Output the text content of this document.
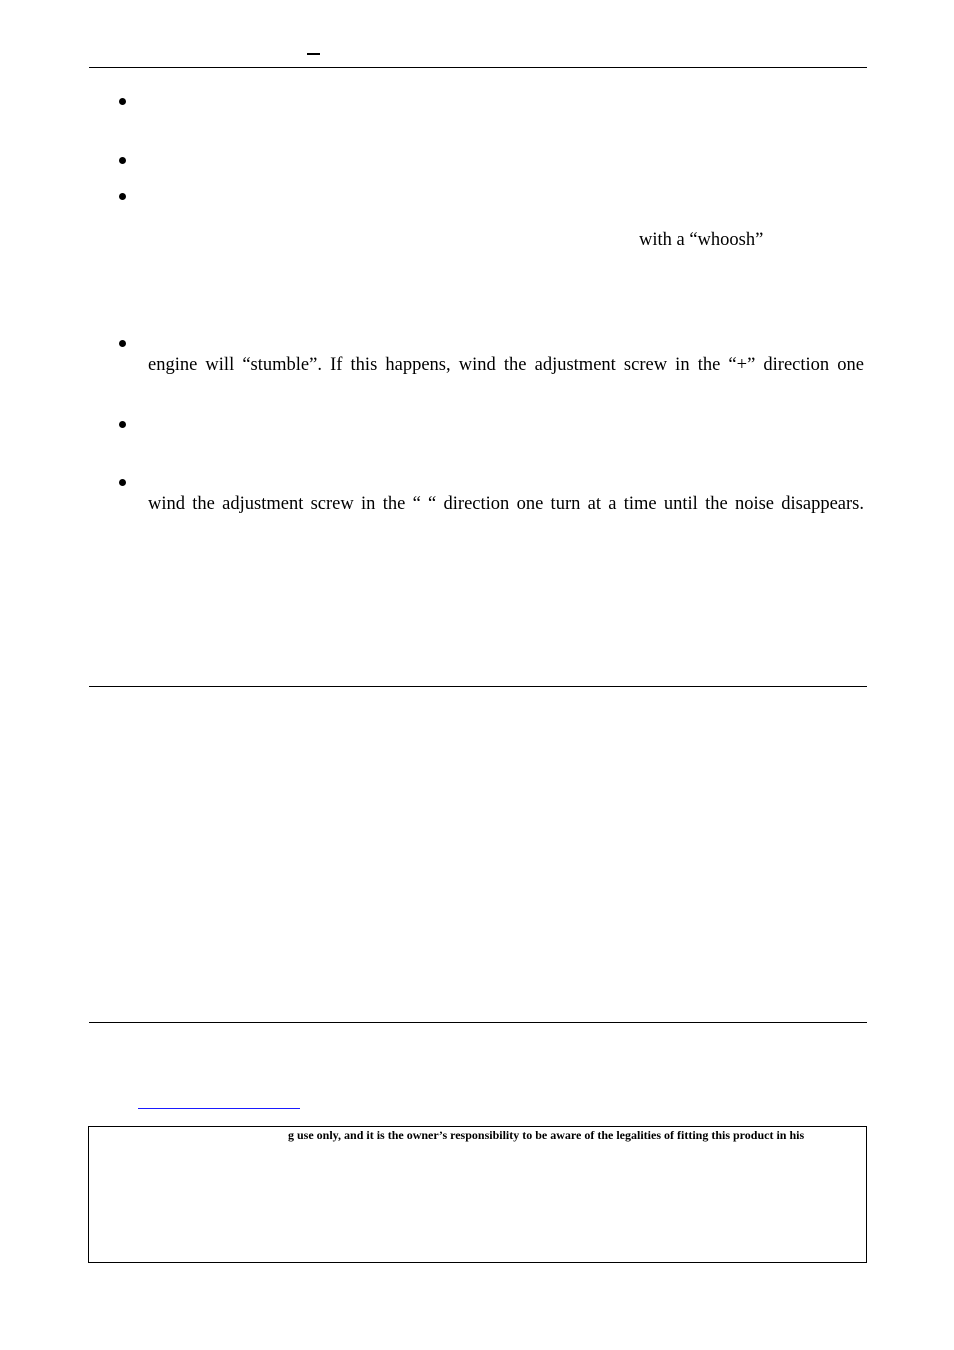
with a “whoosh”
engine will “stumble”. If this happens, wind the adjustment screw in the “+” direction one
wind the adjustment screw in the “ “ direction one turn at a time until the noise disappears.
g use only, and it is the owner’s responsibility to be aware of the legalities of fitting this product in his
